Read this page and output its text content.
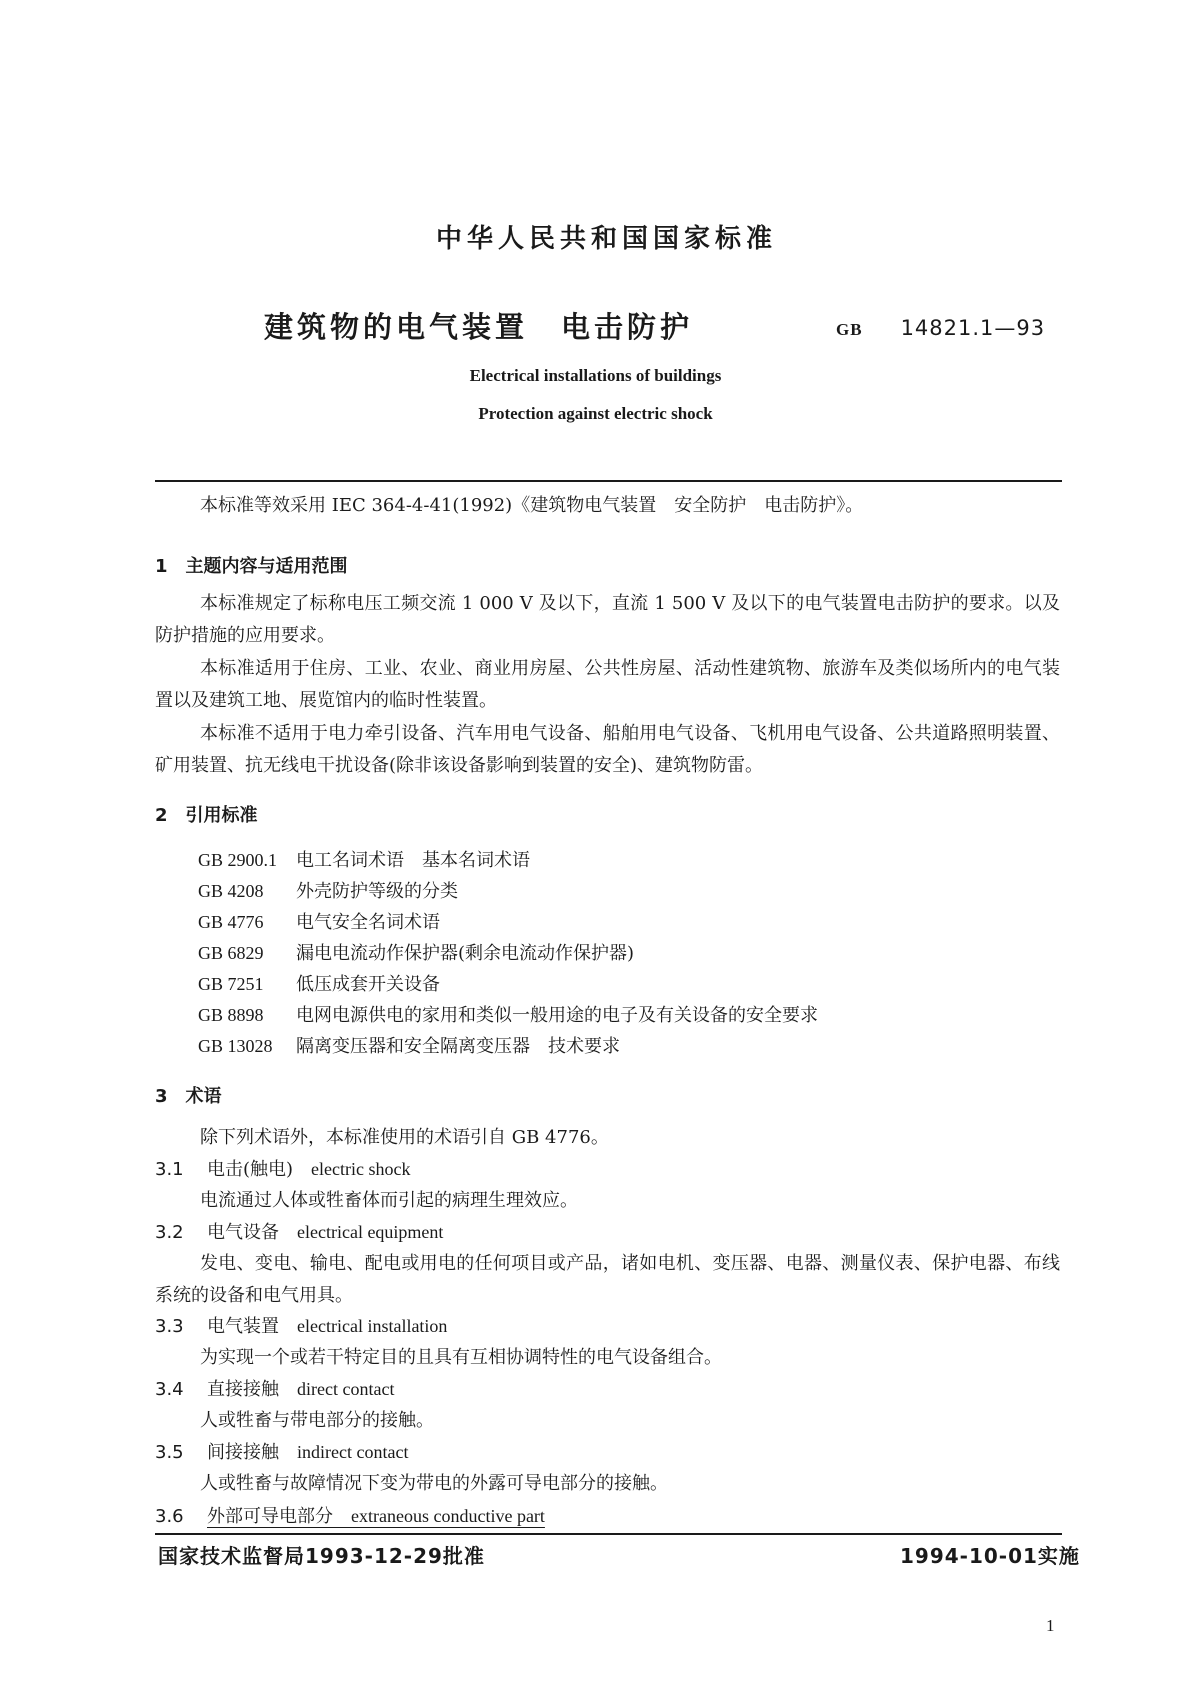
中华人民共和国国家标准
建筑物的电气装置　电击防护	GB 14821.1—93
Electrical installations of buildings
Protection against electric shock
本标准等效采用 IEC 364-4-41(1992)《建筑物电气装置　安全防护　电击防护》。
1　主题内容与适用范围
本标准规定了标称电压工频交流 1 000 V 及以下，直流 1 500 V 及以下的电气装置电击防护的要求。以及防护措施的应用要求。
本标准适用于住房、工业、农业、商业用房屋、公共性房屋、活动性建筑物、旅游车及类似场所内的电气装置以及建筑工地、展览馆内的临时性装置。
本标准不适用于电力牵引设备、汽车用电气设备、船舶用电气设备、飞机用电气设备、公共道路照明装置、矿用装置、抗无线电干扰设备(除非该设备影响到装置的安全)、建筑物防雷。
2　引用标准
GB 2900.1 电工名词术语　基本名词术语
GB 4208 外壳防护等级的分类
GB 4776 电气安全名词术语
GB 6829 漏电电流动作保护器(剩余电流动作保护器)
GB 7251 低压成套开关设备
GB 8898 电网电源供电的家用和类似一般用途的电子及有关设备的安全要求
GB 13028 隔离变压器和安全隔离变压器　技术要求
3　术语
除下列术语外，本标准使用的术语引自 GB 4776。
3.1 电击(触电)　 electric shock
电流通过人体或牲畜体而引起的病理生理效应。
3.2 电气设备　 electrical equipment
发电、变电、输电、配电或用电的任何项目或产品，诸如电机、变压器、电器、测量仪表、保护电器、布线系统的设备和电气用具。
3.3 电气装置　 electrical installation
为实现一个或若干特定目的且具有互相协调特性的电气设备组合。
3.4 直接接触　 direct contact
人或牲畜与带电部分的接触。
3.5 间接接触　 indirect contact
人或牲畜与故障情况下变为带电的外露可导电部分的接触。
3.6 外部可导电部分　 extraneous conductive part
国家技术监督局1993-12-29批准	1994-10-01实施
1
